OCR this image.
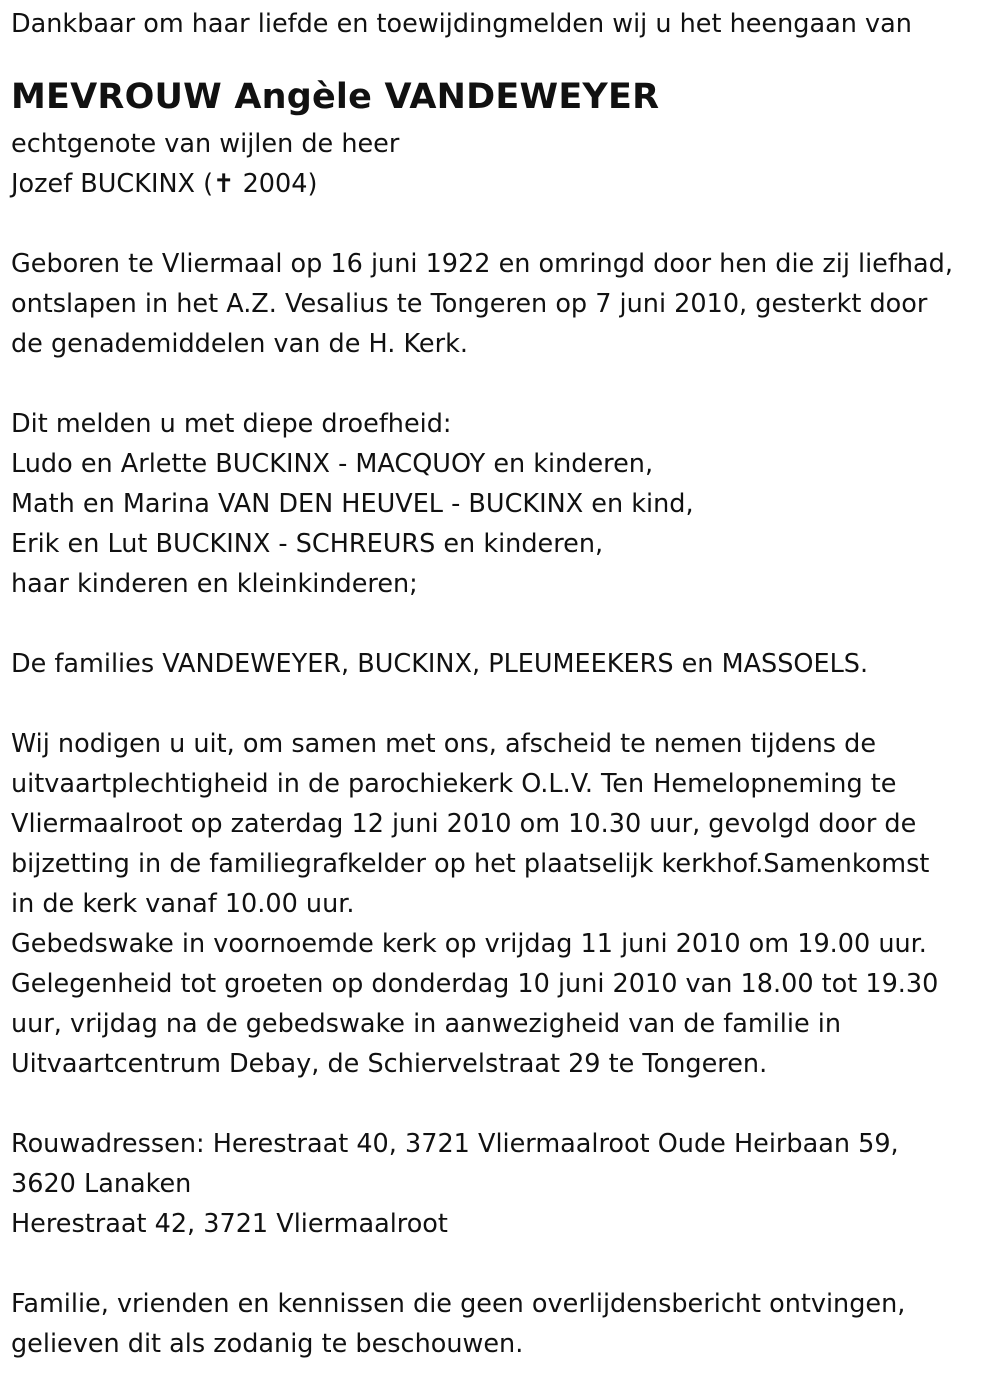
Dankbaar om haar liefde en toewijdingmelden wij u het heengaan van
MEVROUW Angèle VANDEWEYER
echtgenote van wijlen de heer
Jozef BUCKINX (✝ 2004)
Geboren te Vliermaal op 16 juni 1922 en omringd door hen die zij liefhad,
ontslapen in het A.Z. Vesalius te Tongeren op 7 juni 2010, gesterkt door
de genademiddelen van de H. Kerk.
Dit melden u met diepe droefheid:
Ludo en Arlette BUCKINX - MACQUOY en kinderen,
Math en Marina VAN DEN HEUVEL - BUCKINX en kind,
Erik en Lut BUCKINX - SCHREURS en kinderen,
haar kinderen en kleinkinderen;
De families VANDEWEYER, BUCKINX, PLEUMEEKERS en MASSOELS.
Wij nodigen u uit, om samen met ons, afscheid te nemen tijdens de
uitvaartplechtigheid in de parochiekerk O.L.V. Ten Hemelopneming te
Vliermaalroot op zaterdag 12 juni 2010 om 10.30 uur, gevolgd door de
bijzetting in de familiegrafkelder op het plaatselijk kerkhof.Samenkomst
in de kerk vanaf 10.00 uur.
Gebedswake in voornoemde kerk op vrijdag 11 juni 2010 om 19.00 uur.
Gelegenheid tot groeten op donderdag 10 juni 2010 van 18.00 tot 19.30
uur, vrijdag na de gebedswake in aanwezigheid van de familie in
Uitvaartcentrum Debay, de Schiervelstraat 29 te Tongeren.
Rouwadressen: Herestraat 40, 3721 Vliermaalroot Oude Heirbaan 59,
3620 Lanaken
Herestraat 42, 3721 Vliermaalroot
Familie, vrienden en kennissen die geen overlijdensbericht ontvingen,
gelieven dit als zodanig te beschouwen.
